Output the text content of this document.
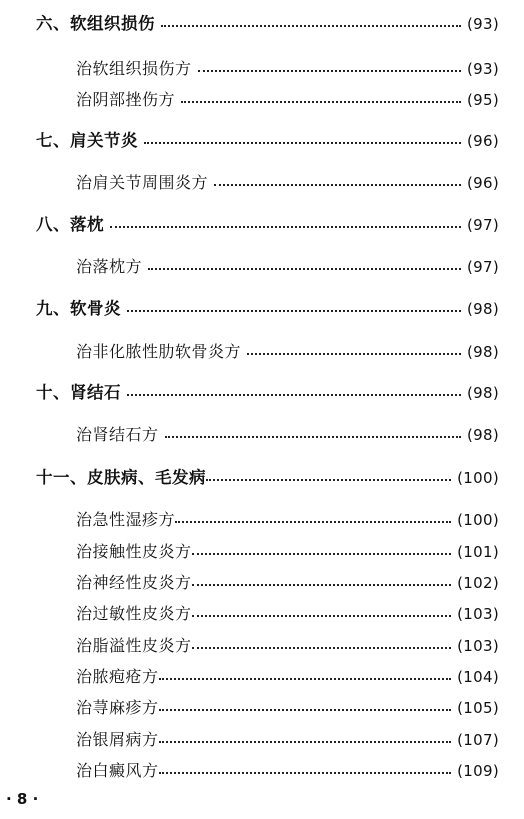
六、软组织损伤	(93)
治软组织损伤方	(93)
治阴部挫伤方	(95)
七、肩关节炎	(96)
治肩关节周围炎方	(96)
八、落枕	(97)
治落枕方	(97)
九、软骨炎	(98)
治非化脓性肋软骨炎方	(98)
十、肾结石	(98)
治肾结石方	(98)
十一、皮肤病、毛发病	(100)
治急性湿疹方	(100)
治接触性皮炎方	(101)
治神经性皮炎方	(102)
治过敏性皮炎方	(103)
治脂溢性皮炎方	(103)
治脓疱疮方	(104)
治荨麻疹方	(105)
治银屑病方	(107)
治白癜风方	(109)
· 8 ·
